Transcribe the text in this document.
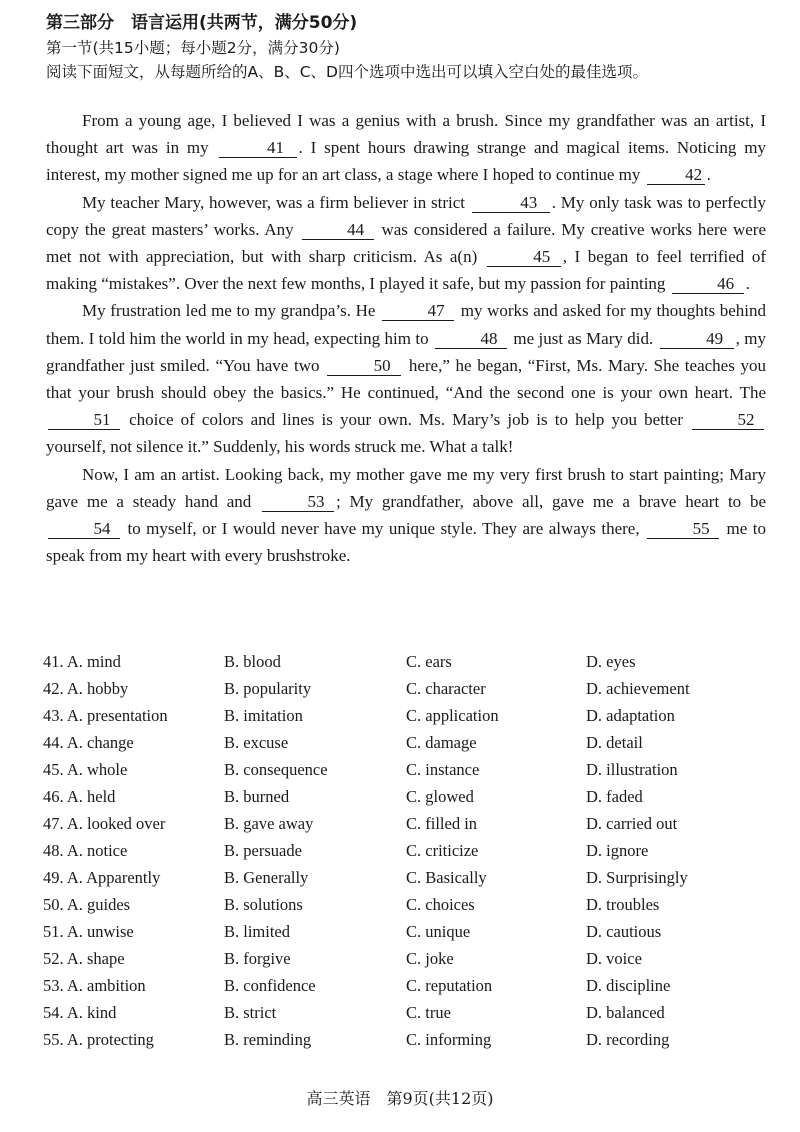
第三部分　语言运用(共两节，满分50分)
第一节(共15小题；每小题2分，满分30分)
阅读下面短文，从每题所给的A、B、C、D四个选项中选出可以填入空白处的最佳选项。

From a young age, I believed I was a genius with a brush. Since my grandfather was an artist, I thought art was in my	41 . I spent hours drawing strange and magical items. Noticing my interest, my mother signed me up for an art class, a stage where I hoped to continue my 42 .

My teacher Mary, however, was a firm believer in strict	43 . My only task was to perfectly copy the great masters’ works. Any	44 was considered a failure. My creative works here were met not with appreciation, but with sharp criticism. As a(n)	45 , I began to feel terrified of making “mistakes”. Over the next few months, I played it safe, but my passion for painting	46 .

My frustration led me to my grandpa’s. He	47 my works and asked for my thoughts behind them. I told him the world in my head, expecting him to	48 me just as Mary did.	49 , my grandfather just smiled. “You have two	50 here,” he began, “First, Ms. Mary. She teaches you that your brush should obey the basics.” He continued, “And the second one is your own heart. The 51 choice of colors and lines is your own. Ms. Mary’s job is to help you better	52 yourself, not silence it.” Suddenly, his words struck me. What a talk!

Now, I am an artist. Looking back, my mother gave me my very first brush to start painting; Mary gave me a steady hand and	53 ; My grandfather, above all, gave me a brave heart to be 54 to myself, or I would never have my unique style. They are always there,	55 me to speak from my heart with every brushstroke.

41. A. mind	B. blood	C. ears	D. eyes
42. A. hobby	B. popularity	C. character	D. achievement
43. A. presentation	B. imitation	C. application	D. adaptation
44. A. change	B. excuse	C. damage	D. detail
45. A. whole	B. consequence	C. instance	D. illustration
46. A. held	B. burned	C. glowed	D. faded
47. A. looked over	B. gave away	C. filled in	D. carried out
48. A. notice	B. persuade	C. criticize	D. ignore
49. A. Apparently	B. Generally	C. Basically	D. Surprisingly
50. A. guides	B. solutions	C. choices	D. troubles
51. A. unwise	B. limited	C. unique	D. cautious
52. A. shape	B. forgive	C. joke	D. voice
53. A. ambition	B. confidence	C. reputation	D. discipline
54. A. kind	B. strict	C. true	D. balanced
55. A. protecting	B. reminding	C. informing	D. recording
高三英语　第9页(共12页)
